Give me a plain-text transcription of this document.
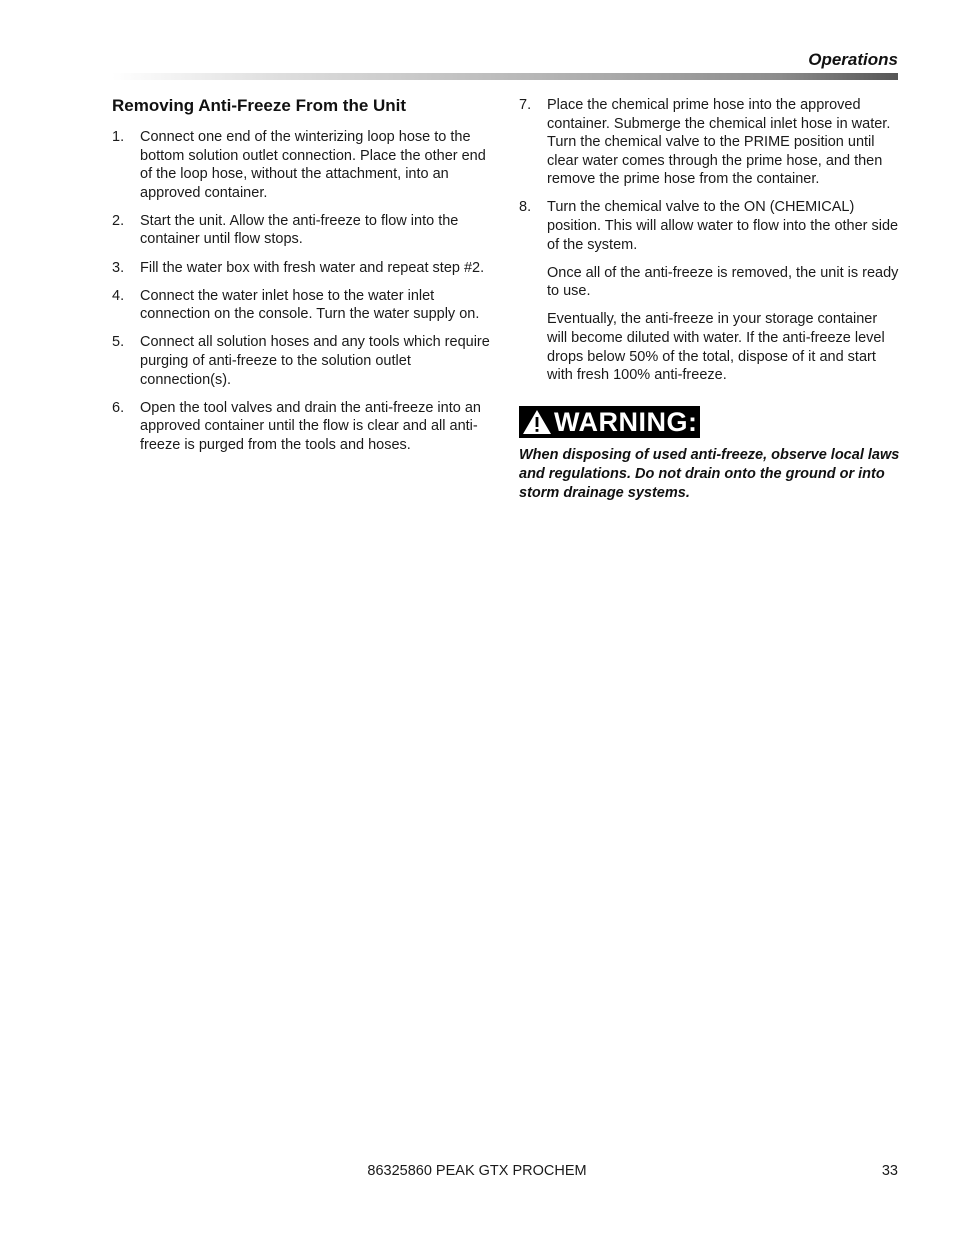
Operations
Removing Anti-Freeze From the Unit
1. Connect one end of the winterizing loop hose to the bottom solution outlet connection. Place the other end of the loop hose, without the attachment, into an approved container.
2. Start the unit. Allow the anti-freeze to flow into the container until flow stops.
3. Fill the water box with fresh water and repeat step #2.
4. Connect the water inlet hose to the water inlet connection on the console. Turn the water supply on.
5. Connect all solution hoses and any tools which require purging of anti-freeze to the solution outlet connection(s).
6. Open the tool valves and drain the anti-freeze into an approved container until the flow is clear and all anti-freeze is purged from the tools and hoses.
7. Place the chemical prime hose into the approved container. Submerge the chemical inlet hose in water. Turn the chemical valve to the PRIME position until clear water comes through the prime hose, and then remove the prime hose from the container.
8. Turn the chemical valve to the ON (CHEMICAL) position. This will allow water to flow into the other side of the system.

Once all of the anti-freeze is removed, the unit is ready to use.

Eventually, the anti-freeze in your storage container will become diluted with water. If the anti-freeze level drops below 50% of the total, dispose of it and start with fresh 100% anti-freeze.

WARNING:
When disposing of used anti-freeze, observe local laws and regulations. Do not drain onto the ground or into storm drainage systems.
86325860 PEAK GTX PROCHEM	33
